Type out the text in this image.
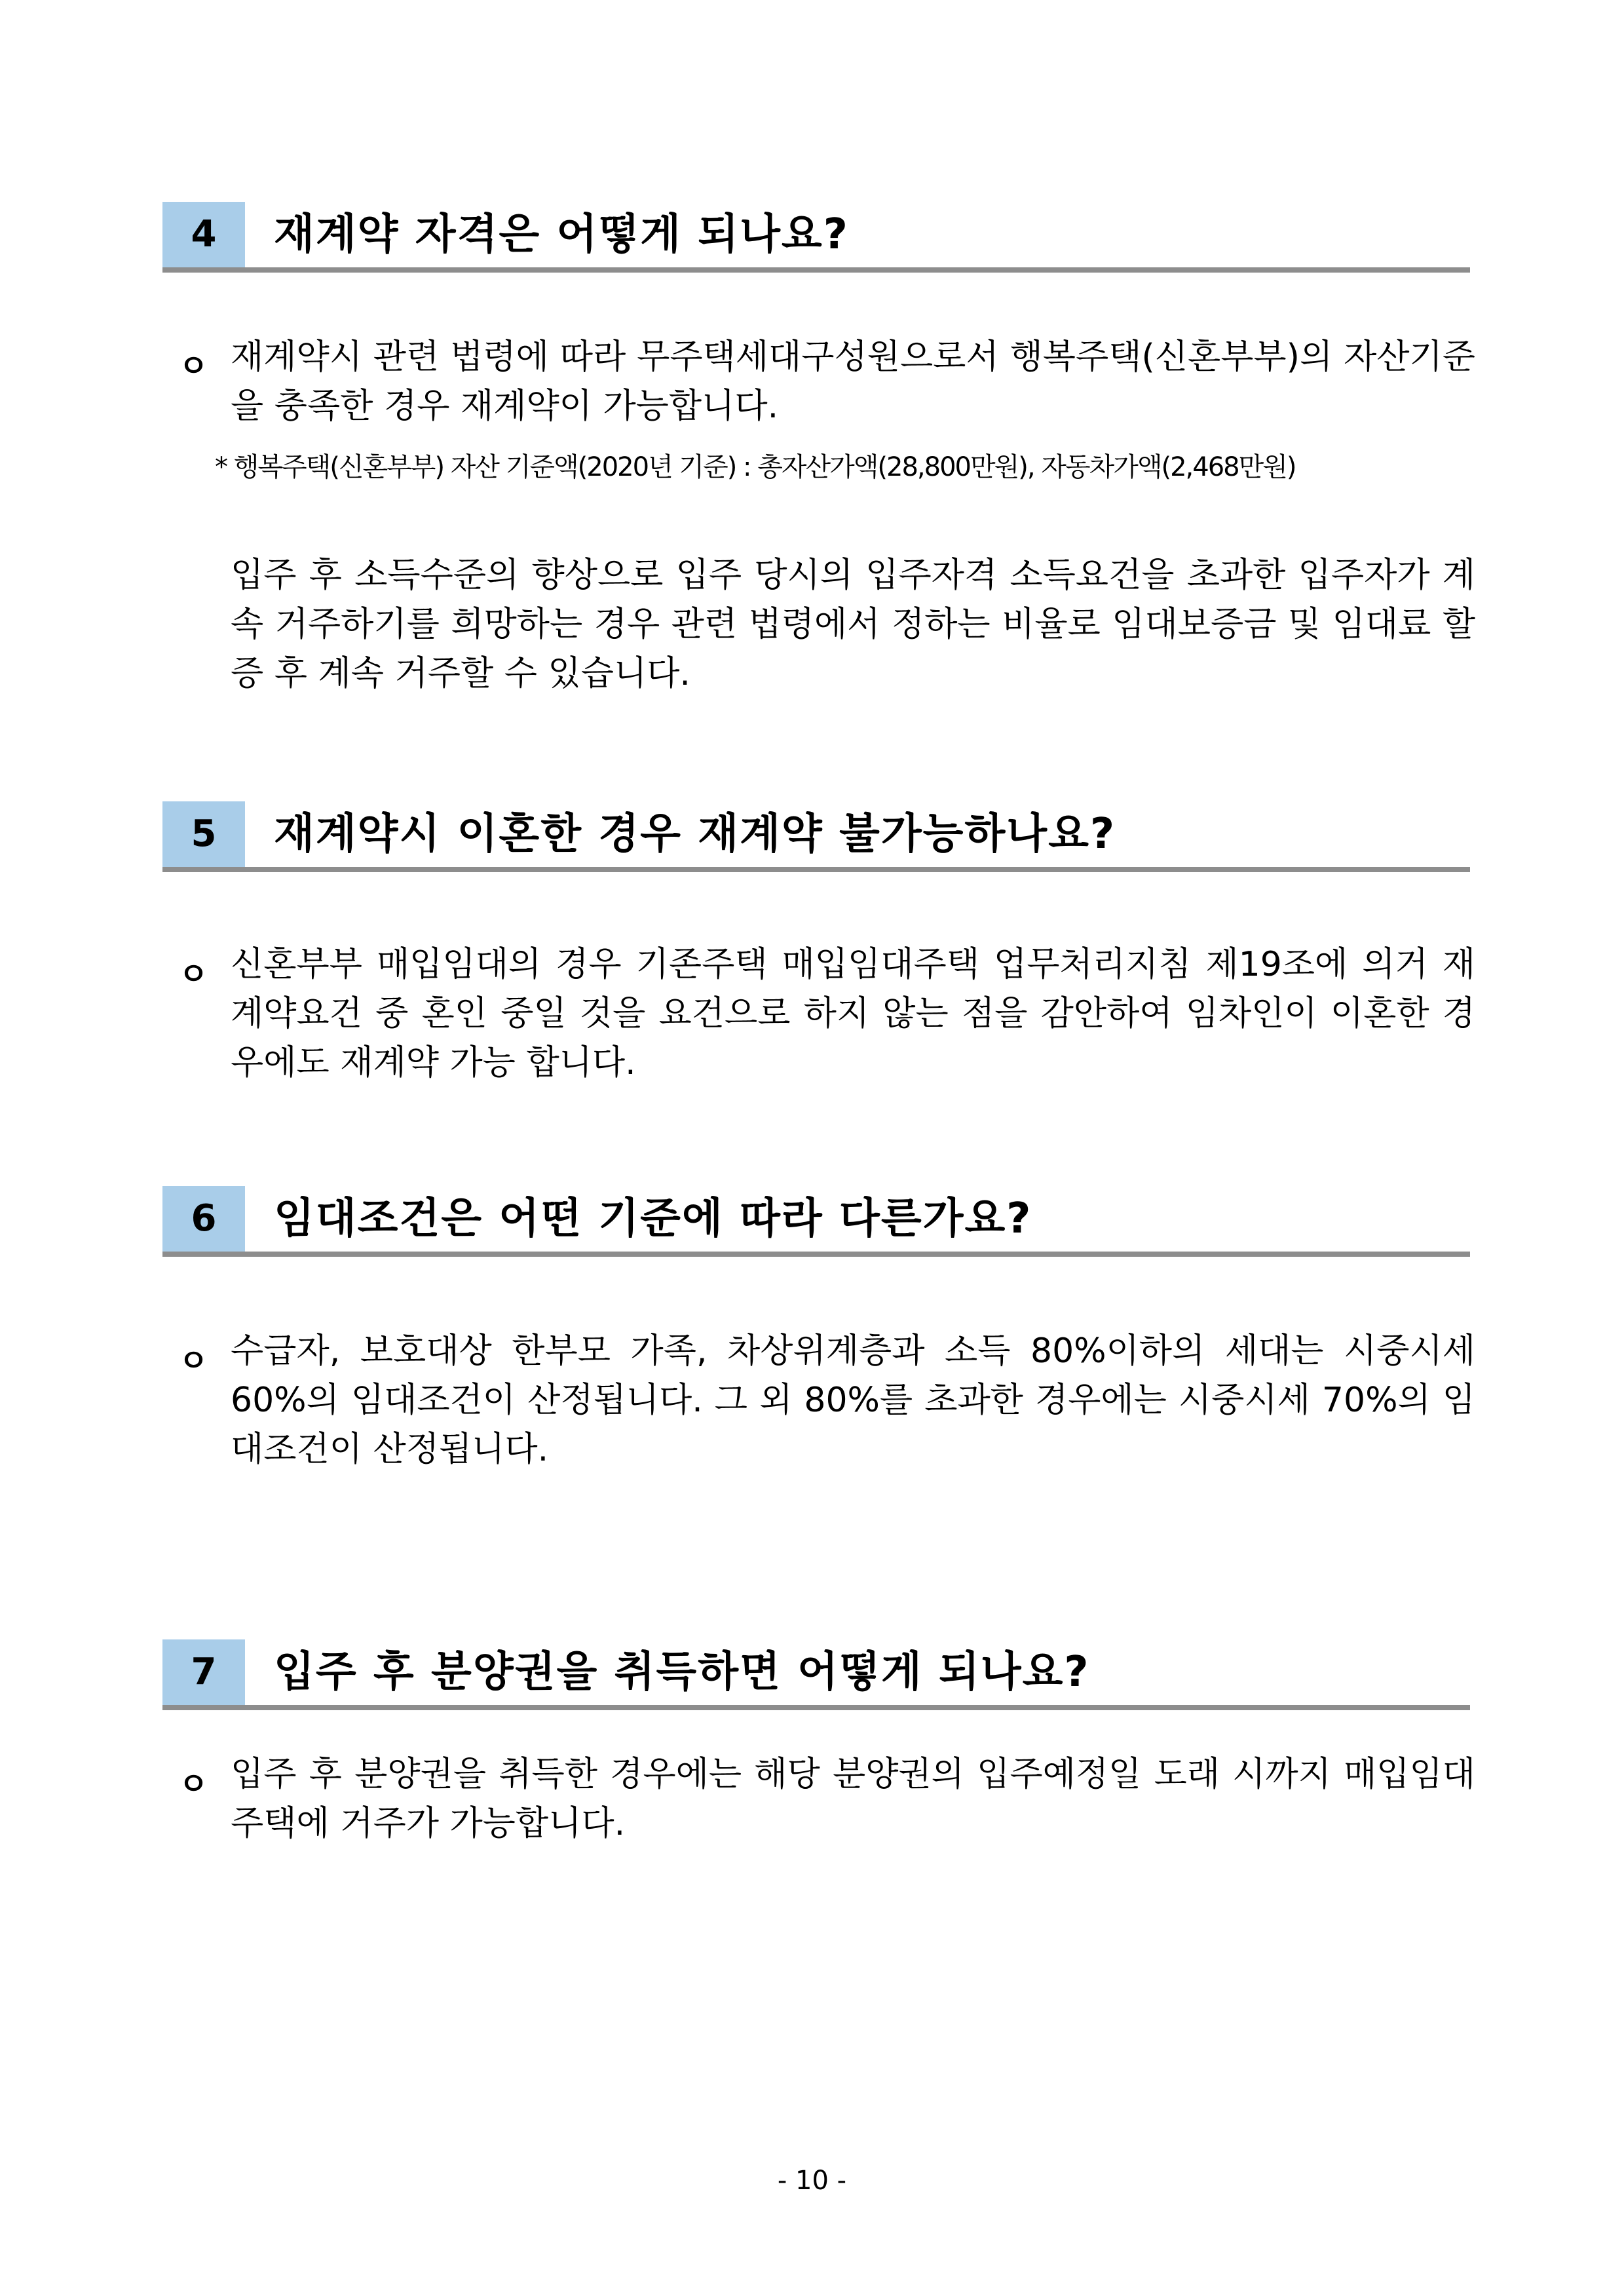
4	재계약 자격은 어떻게 되나요?
ㅇ 재계약시 관련 법령에 따라 무주택세대구성원으로서 행복주택(신혼부부)의 자산기준을 충족한 경우 재계약이 가능합니다.
* 행복주택(신혼부부) 자산 기준액(2020년 기준) : 총자산가액(28,800만원), 자동차가액(2,468만원)
입주 후 소득수준의 향상으로 입주 당시의 입주자격 소득요건을 초과한 입주자가 계속 거주하기를 희망하는 경우 관련 법령에서 정하는 비율로 임대보증금 및 임대료 할증 후 계속 거주할 수 있습니다.
5	재계약시 이혼한 경우 재계약 불가능하나요?
ㅇ 신혼부부 매입임대의 경우 기존주택 매입임대주택 업무처리지침 제19조에 의거 재계약요건 중 혼인 중일 것을 요건으로 하지 않는 점을 감안하여 임차인이 이혼한 경우에도 재계약 가능 합니다.
6	임대조건은 어떤 기준에 따라 다른가요?
ㅇ 수급자, 보호대상 한부모 가족, 차상위계층과 소득 80%이하의 세대는 시중시세 60%의 임대조건이 산정됩니다. 그 외 80%를 초과한 경우에는 시중시세 70%의 임대조건이 산정됩니다.
7	입주 후 분양권을 취득하면 어떻게 되나요?
ㅇ 입주 후 분양권을 취득한 경우에는 해당 분양권의 입주예정일 도래 시까지 매입임대주택에 거주가 가능합니다.
- 10 -
